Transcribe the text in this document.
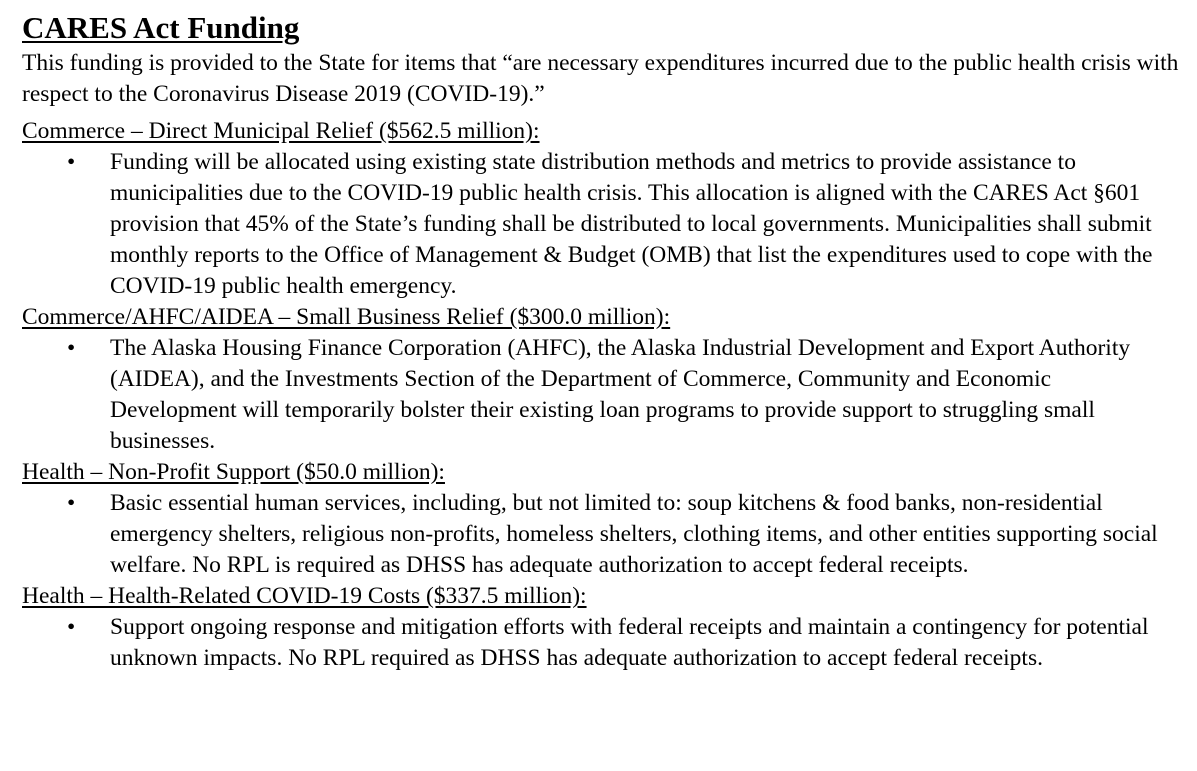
CARES Act Funding

This funding is provided to the State for items that “are necessary expenditures incurred due to the public health crisis with respect to the Coronavirus Disease 2019 (COVID-19).”

Commerce – Direct Municipal Relief ($562.5 million):
• Funding will be allocated using existing state distribution methods and metrics to provide assistance to municipalities due to the COVID-19 public health crisis. This allocation is aligned with the CARES Act §601 provision that 45% of the State’s funding shall be distributed to local governments. Municipalities shall submit monthly reports to the Office of Management & Budget (OMB) that list the expenditures used to cope with the COVID-19 public health emergency.
Commerce/AHFC/AIDEA – Small Business Relief ($300.0 million):
• The Alaska Housing Finance Corporation (AHFC), the Alaska Industrial Development and Export Authority (AIDEA), and the Investments Section of the Department of Commerce, Community and Economic Development will temporarily bolster their existing loan programs to provide support to struggling small businesses.
Health – Non-Profit Support ($50.0 million):
• Basic essential human services, including, but not limited to: soup kitchens & food banks, non-residential emergency shelters, religious non-profits, homeless shelters, clothing items, and other entities supporting social welfare. No RPL is required as DHSS has adequate authorization to accept federal receipts.
Health – Health-Related COVID-19 Costs ($337.5 million):
• Support ongoing response and mitigation efforts with federal receipts and maintain a contingency for potential unknown impacts. No RPL required as DHSS has adequate authorization to accept federal receipts.
